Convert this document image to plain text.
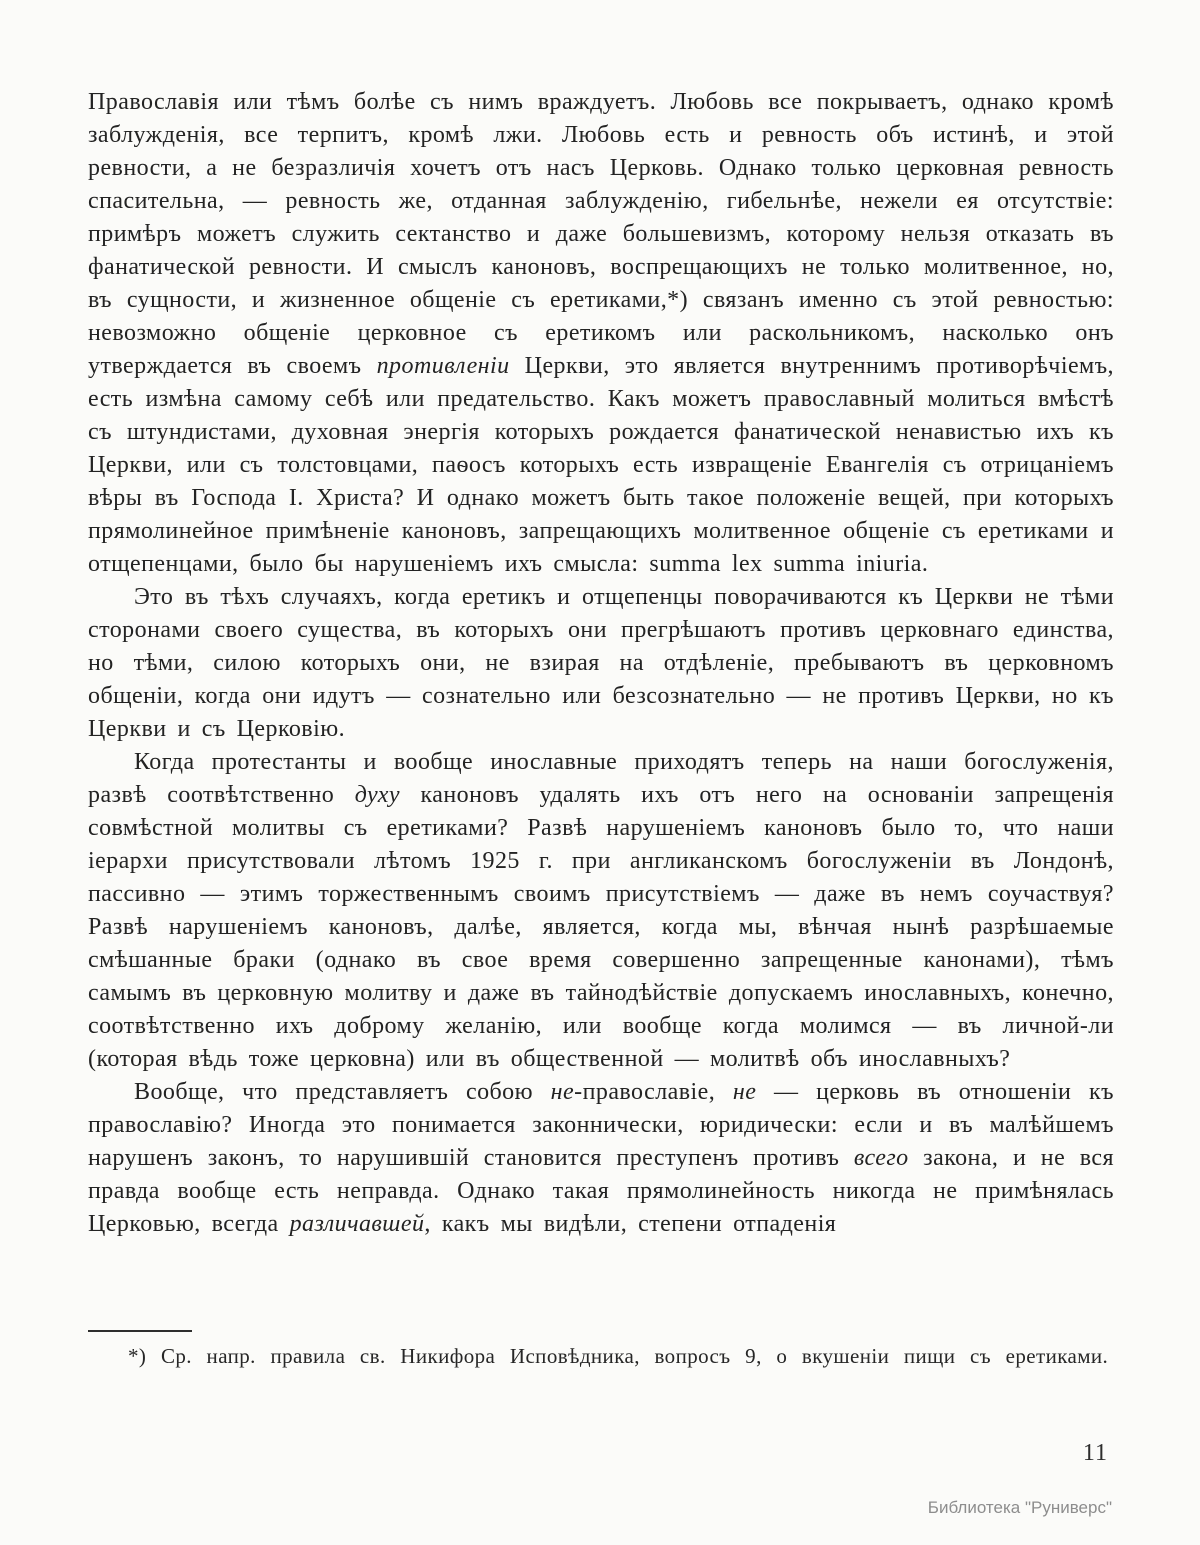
Православія или тѣмъ болѣе съ нимъ враждуетъ. Любовь все покрываетъ, однако кромѣ заблужденія, все терпитъ, кромѣ лжи. Любовь есть и ревность объ истинѣ, и этой ревности, а не безразличія хочетъ отъ насъ Церковь. Однако только церковная ревность спасительна, — ревность же, отданная заблужденію, гибельнѣе, нежели ея отсутствіе: примѣръ можетъ служить сектанство и даже большевизмъ, которому нельзя отказать въ фанатической ревности. И смыслъ каноновъ, воспрещающихъ не только молитвенное, но, въ сущности, и жизненное общеніе съ еретиками,*) связанъ именно съ этой ревностью: невозможно общеніе церковное съ еретикомъ или раскольникомъ, насколько онъ утверждается въ своемъ противленіи Церкви, это является внутреннимъ противорѣчіемъ, есть измѣна самому себѣ или предательство. Какъ можетъ православный молиться вмѣстѣ съ штундистами, духовная энергія которыхъ рождается фанатической ненавистью ихъ къ Церкви, или съ толстовцами, паѳосъ которыхъ есть извращеніе Евангелія съ отрицаніемъ вѣры въ Господа І. Христа? И однако можетъ быть такое положеніе вещей, при которыхъ прямолинейное примѣненіе каноновъ, запрещающихъ молитвенное общеніе съ еретиками и отщепенцами, было бы нарушеніемъ ихъ смысла: summa lex summa iniuria.

Это въ тѣхъ случаяхъ, когда еретикъ и отщепенцы поворачиваются къ Церкви не тѣми сторонами своего существа, въ которыхъ они прегрѣшаютъ противъ церковнаго единства, но тѣми, силою которыхъ они, не взирая на отдѣленіе, пребываютъ въ церковномъ общеніи, когда они идутъ — сознательно или безсознательно — не противъ Церкви, но къ Церкви и съ Церковію.

Когда протестанты и вообще инославные приходятъ теперь на наши богослуженія, развѣ соотвѣтственно духу каноновъ удалять ихъ отъ него на основаніи запрещенія совмѣстной молитвы съ еретиками? Развѣ нарушеніемъ каноновъ было то, что наши іерархи присутствовали лѣтомъ 1925 г. при англиканскомъ богослуженіи въ Лондонѣ, пассивно — этимъ торжественнымъ своимъ присутствіемъ — даже въ немъ соучаствуя? Развѣ нарушеніемъ каноновъ, далѣе, является, когда мы, вѣнчая нынѣ разрѣшаемые смѣшанные браки (однако въ свое время совершенно запрещенные канонами), тѣмъ самымъ въ церковную молитву и даже въ тайнодѣйствіе допускаемъ инославныхъ, конечно, соотвѣтственно ихъ доброму желанію, или вообще когда молимся — въ личной-ли (которая вѣдь тоже церковна) или въ общественной — молитвѣ объ инославныхъ?

Вообще, что представляетъ собою не-православіе, не — церковь въ отношеніи къ православію? Иногда это понимается законнически, юридически: если и въ малѣйшемъ нарушенъ законъ, то нарушившій становится преступенъ противъ всего закона, и не вся правда вообще есть неправда. Однако такая прямолинейность никогда не примѣнялась Церковью, всегда различавшей, какъ мы видѣли, степени отпаденія

*) Ср. напр. правила св. Никифора Исповѣдника, вопросъ 9, о вкушеніи пищи съ еретиками.
11
Библиотека "Руниверс"
